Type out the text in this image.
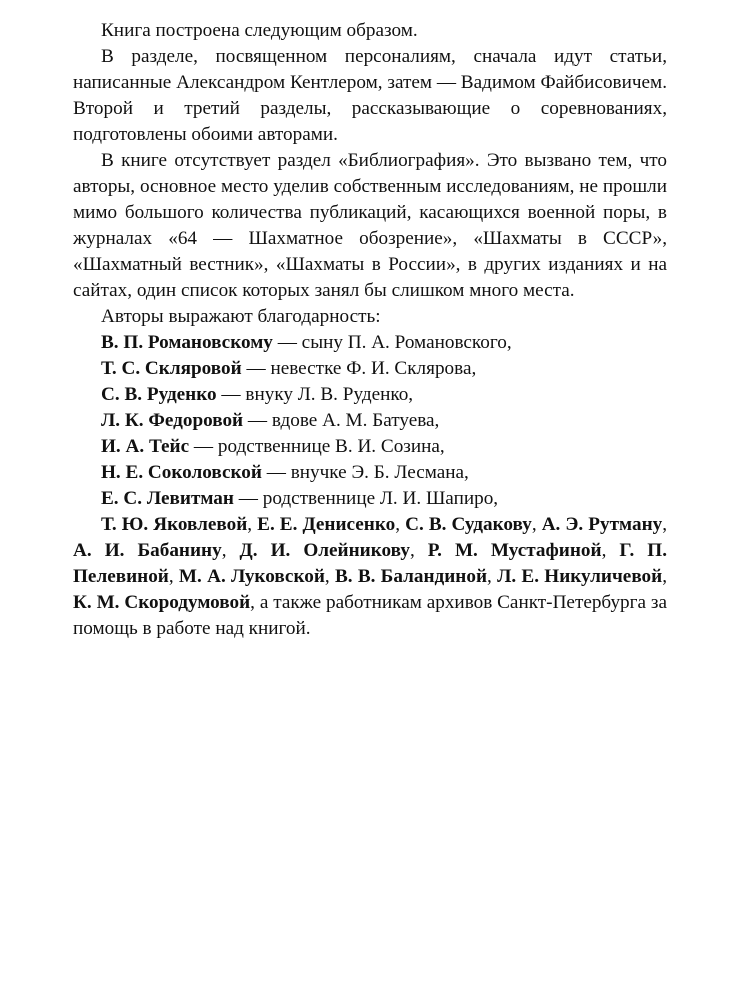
Книга построена следующим образом.

В разделе, посвященном персоналиям, сначала идут статьи, написанные Александром Кентлером, затем — Вадимом Файбисовичем. Второй и третий разделы, рассказывающие о соревнованиях, подготовлены обоими авторами.

В книге отсутствует раздел «Библиография». Это вызвано тем, что авторы, основное место уделив собственным исследованиям, не прошли мимо большого количества публикаций, касающихся военной поры, в журналах «64 — Шахматное обозрение», «Шахматы в СССР», «Шахматный вестник», «Шахматы в России», в других изданиях и на сайтах, один список которых занял бы слишком много места.

Авторы выражают благодарность:

В. П. Романовскому — сыну П. А. Романовского,

Т. С. Скляровой — невестке Ф. И. Склярова,

С. В. Руденко — внуку Л. В. Руденко,

Л. К. Федоровой — вдове А. М. Батуева,

И. А. Тейс — родственнице В. И. Созина,

Н. Е. Соколовской — внучке Э. Б. Лесмана,

Е. С. Левитман — родственнице Л. И. Шапиро,

Т. Ю. Яковлевой, Е. Е. Денисенко, С. В. Судакову, А. Э. Рутману, А. И. Бабанину, Д. И. Олейникову, Р. М. Мустафиной, Г. П. Пелевиной, М. А. Луковской, В. В. Баландиной, Л. Е. Никуличевой, К. М. Скородумовой, а также работникам архивов Санкт-Петербурга за помощь в работе над книгой.
